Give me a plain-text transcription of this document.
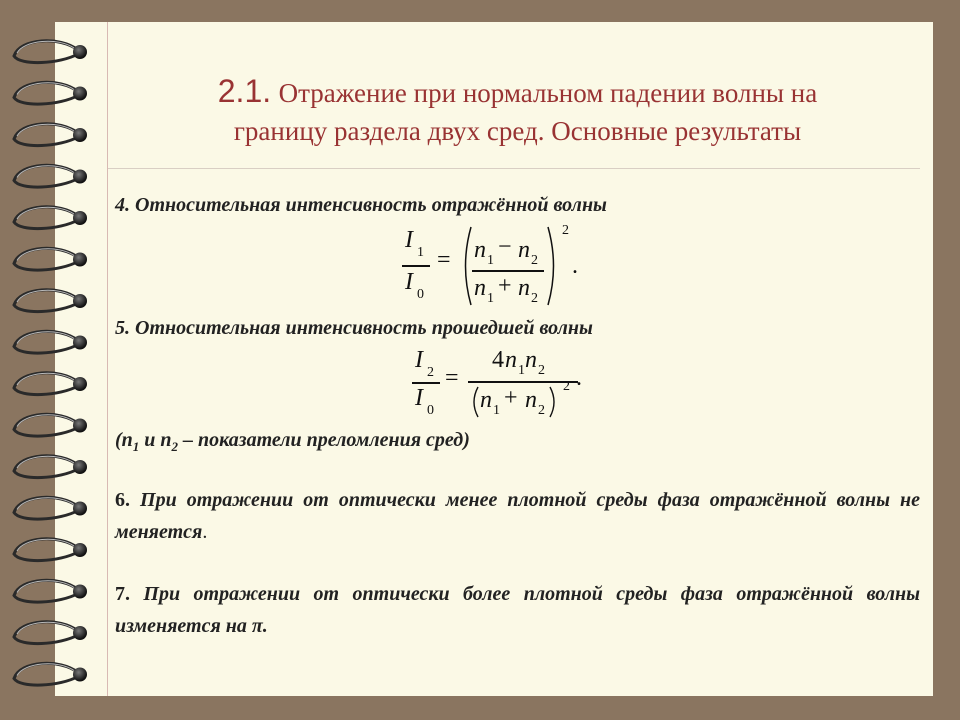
2.1. Отражение при нормальном падении волны на
границу раздела двух сред. Основные результаты
4. Относительная интенсивность отражённой волны
I 1
I 0
= n 1
− n 2
n 1 + n 2
2
.
5. Относительная интенсивность прошедшей волны
I 2
I 0
=
4 n 1 n 2
n 1 + n 2
2 .
($n_1$ и $n_2$ – показатели преломления сред)
6. При отражении от оптически менее плотной среды фаза отражённой волны не меняется.
7. При отражении от оптически более плотной среды фаза отражённой волны изменяется на π.
